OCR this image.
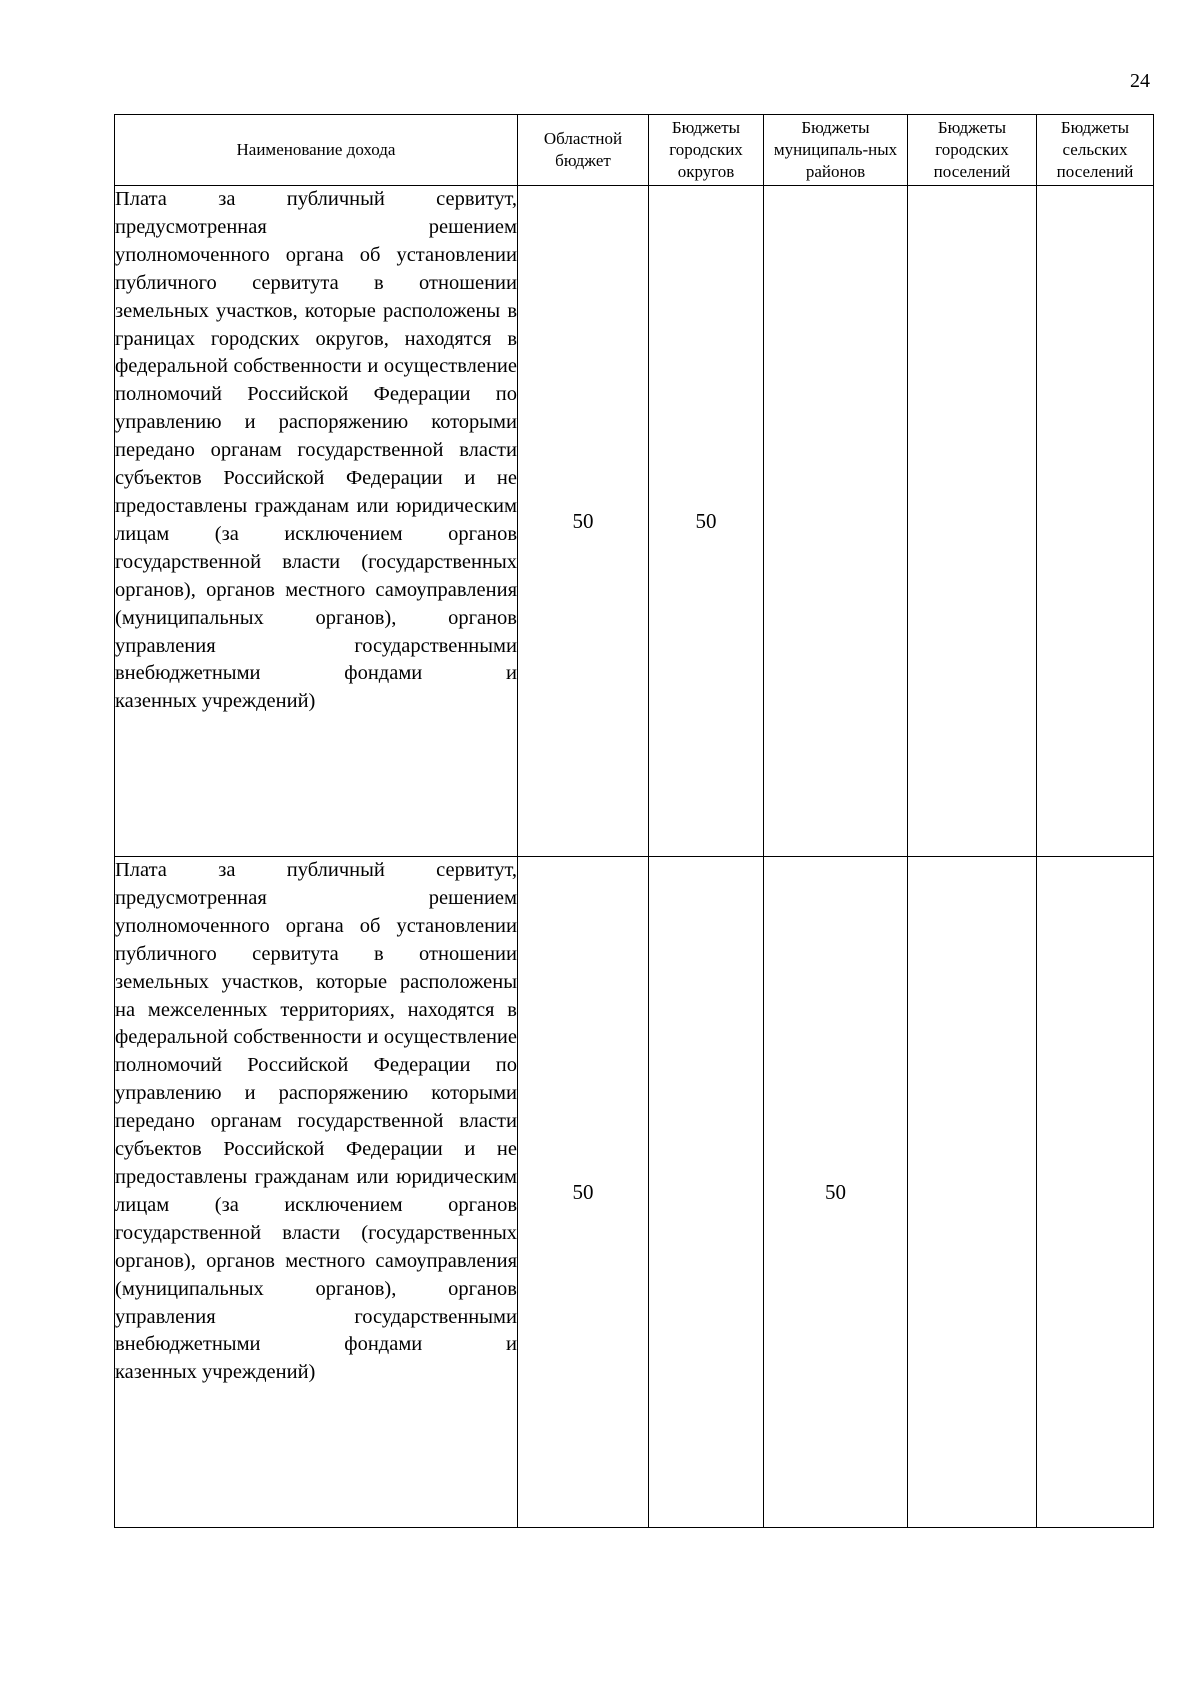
24
Наименование дохода	Областной бюджет	Бюджеты городских округов	Бюджеты муниципаль-ных районов	Бюджеты городских поселений	Бюджеты сельских поселений
Плата за публичный сервитут, предусмотренная решением уполномоченного органа об установлении публичного сервитута в отношении земельных участков, которые расположены в границах городских округов, находятся в федеральной собственности и осуществление полномочий Российской Федерации по управлению и распоряжению которыми передано органам государственной власти субъектов Российской Федерации и не предоставлены гражданам или юридическим лицам (за исключением органов государственной власти (государственных органов), органов местного самоуправления (муниципальных органов), органов управления государственными внебюджетными фондами и
казенных учреждений)	50	50			
Плата за публичный сервитут, предусмотренная решением уполномоченного органа об установлении публичного сервитута в отношении земельных участков, которые расположены на межселенных территориях, находятся в федеральной собственности и осуществление полномочий Российской Федерации по управлению и распоряжению которыми передано органам государственной власти субъектов Российской Федерации и не предоставлены гражданам или юридическим лицам (за исключением органов государственной власти (государственных органов), органов местного самоуправления (муниципальных органов), органов управления государственными внебюджетными фондами и
казенных учреждений)	50		50		
